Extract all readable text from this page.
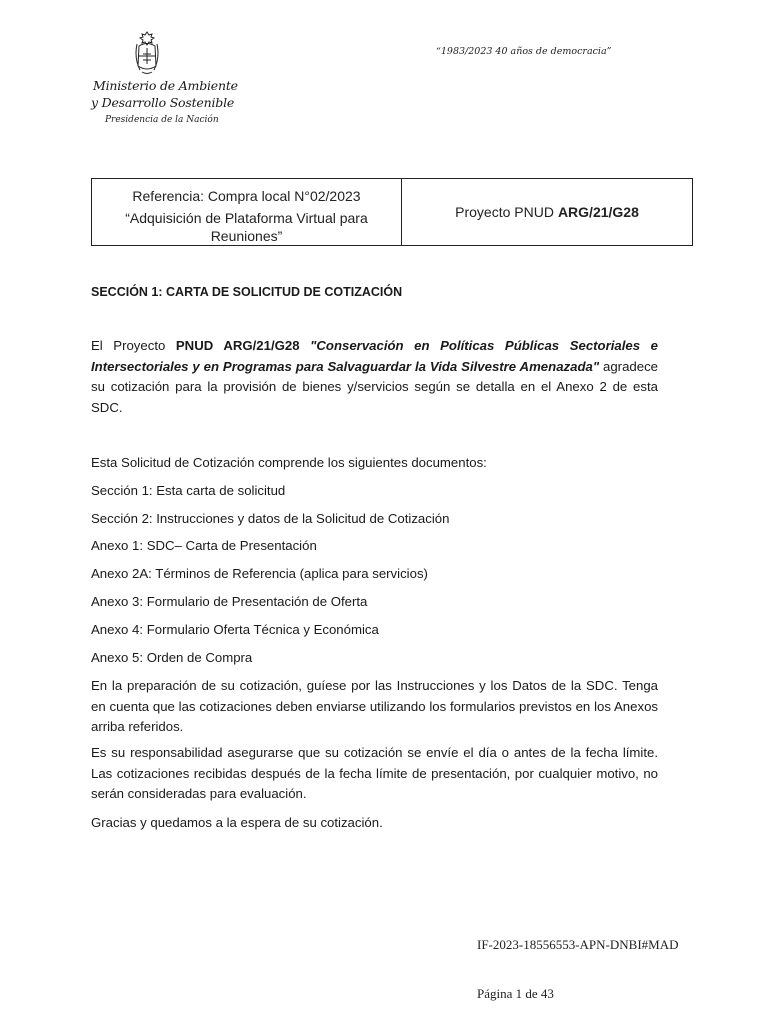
Ministerio de Ambiente
y Desarrollo Sostenible
Presidencia de la Nación
“1983/2023 40 años de democracia”
Referencia: Compra local N°02/2023
“Adquisición de Plataforma Virtual para Reuniones”
Proyecto PNUD ARG/21/G28
SECCIÓN 1: CARTA DE SOLICITUD DE COTIZACIÓN
El Proyecto PNUD ARG/21/G28 "Conservación en Políticas Públicas Sectoriales e Intersectoriales y en Programas para Salvaguardar la Vida Silvestre Amenazada" agradece su cotización para la provisión de bienes y/servicios según se detalla en el Anexo 2 de esta SDC.
Esta Solicitud de Cotización comprende los siguientes documentos:
Sección 1: Esta carta de solicitud
Sección 2: Instrucciones y datos de la Solicitud de Cotización
Anexo 1: SDC– Carta de Presentación
Anexo 2A: Términos de Referencia (aplica para servicios)
Anexo 3: Formulario de Presentación de Oferta
Anexo 4: Formulario Oferta Técnica y Económica
Anexo 5: Orden de Compra
En la preparación de su cotización, guíese por las Instrucciones y los Datos de la SDC. Tenga en cuenta que las cotizaciones deben enviarse utilizando los formularios previstos en los Anexos arriba referidos.
Es su responsabilidad asegurarse que su cotización se envíe el día o antes de la fecha límite. Las cotizaciones recibidas después de la fecha límite de presentación, por cualquier motivo, no serán consideradas para evaluación.
Gracias y quedamos a la espera de su cotización.
IF-2023-18556553-APN-DNBI#MAD
Página 1 de 43
